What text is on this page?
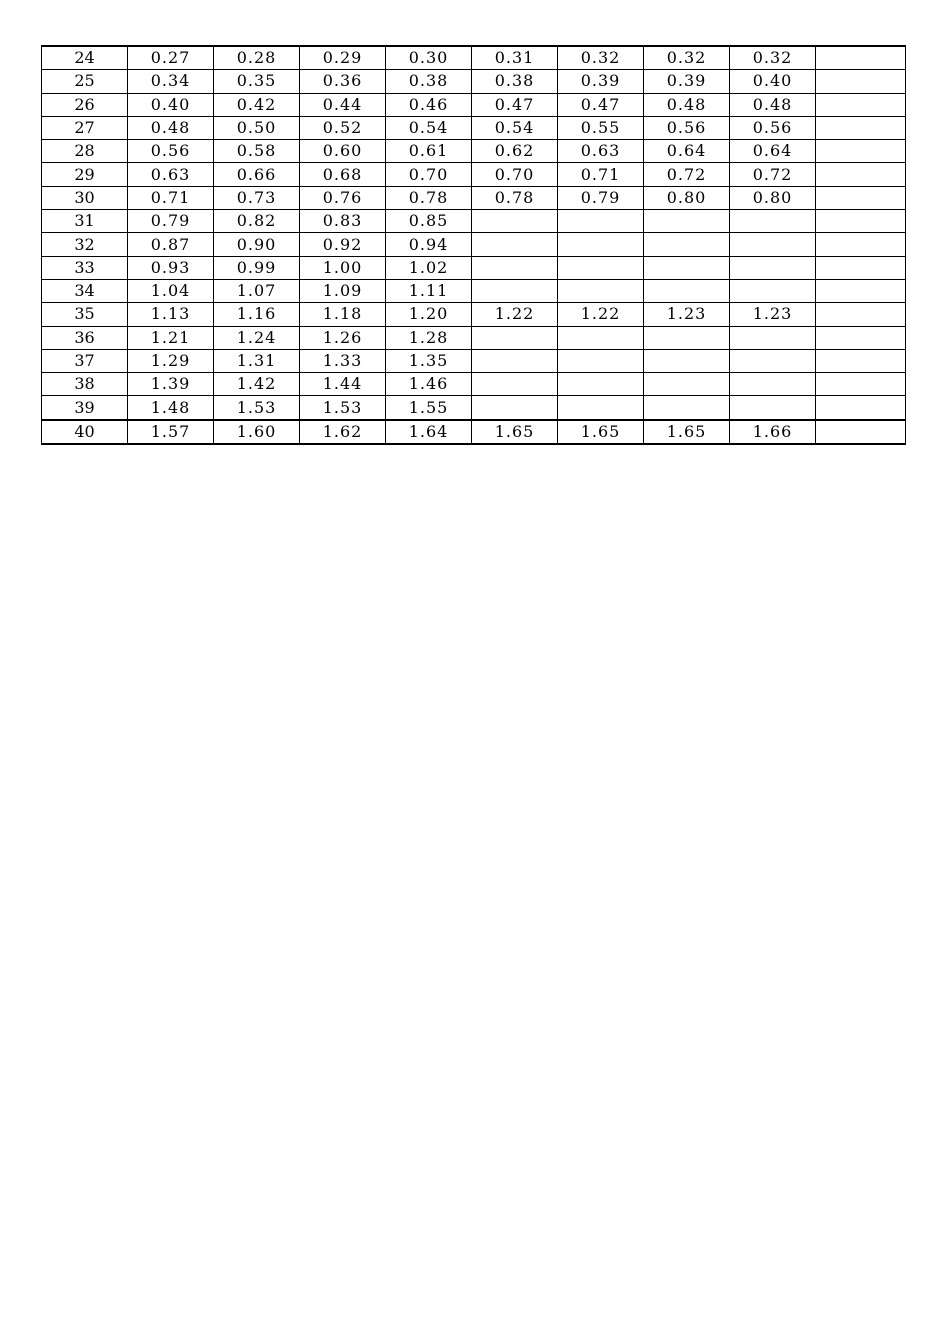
24	0.27	0.28	0.29	0.30	0.31	0.32	0.32	0.32	
25	0.34	0.35	0.36	0.38	0.38	0.39	0.39	0.40	
26	0.40	0.42	0.44	0.46	0.47	0.47	0.48	0.48	
27	0.48	0.50	0.52	0.54	0.54	0.55	0.56	0.56	
28	0.56	0.58	0.60	0.61	0.62	0.63	0.64	0.64	
29	0.63	0.66	0.68	0.70	0.70	0.71	0.72	0.72	
30	0.71	0.73	0.76	0.78	0.78	0.79	0.80	0.80	
31	0.79	0.82	0.83	0.85					
32	0.87	0.90	0.92	0.94					
33	0.93	0.99	1.00	1.02					
34	1.04	1.07	1.09	1.11					
35	1.13	1.16	1.18	1.20	1.22	1.22	1.23	1.23	
36	1.21	1.24	1.26	1.28					
37	1.29	1.31	1.33	1.35					
38	1.39	1.42	1.44	1.46					
39	1.48	1.53	1.53	1.55					
40	1.57	1.60	1.62	1.64	1.65	1.65	1.65	1.66	
